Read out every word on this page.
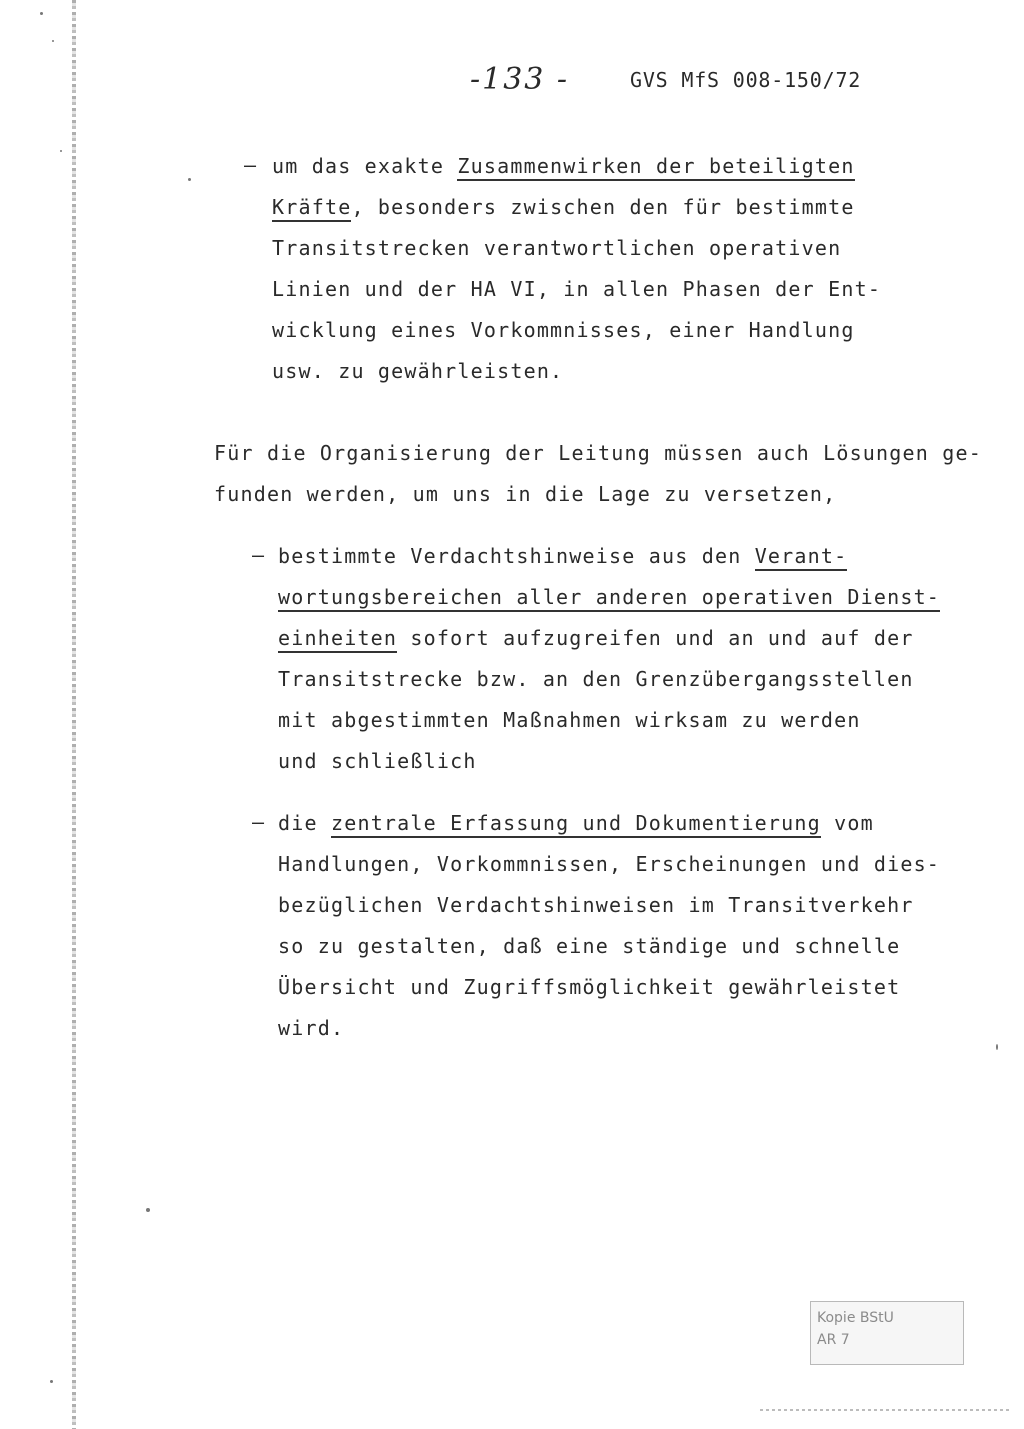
-133 -	GVS MfS 008-150/72
– um das exakte Zusammenwirken der beteiligten
Kräfte, besonders zwischen den für bestimmte
Transitstrecken verantwortlichen operativen
Linien und der HA VI, in allen Phasen der Ent-
wicklung eines Vorkommnisses, einer Handlung
usw. zu gewährleisten.
Für die Organisierung der Leitung müssen auch Lösungen ge-
funden werden, um uns in die Lage zu versetzen,
– bestimmte Verdachtshinweise aus den Verant-
wortungsbereichen aller anderen operativen Dienst-
einheiten sofort aufzugreifen und an und auf der
Transitstrecke bzw. an den Grenzübergangsstellen
mit abgestimmten Maßnahmen wirksam zu werden
und schließlich
– die zentrale Erfassung und Dokumentierung vom
Handlungen, Vorkommnissen, Erscheinungen und dies-
bezüglichen Verdachtshinweisen im Transitverkehr
so zu gestalten, daß eine ständige und schnelle
Übersicht und Zugriffsmöglichkeit gewährleistet
wird.
Kopie BStU
AR 7
